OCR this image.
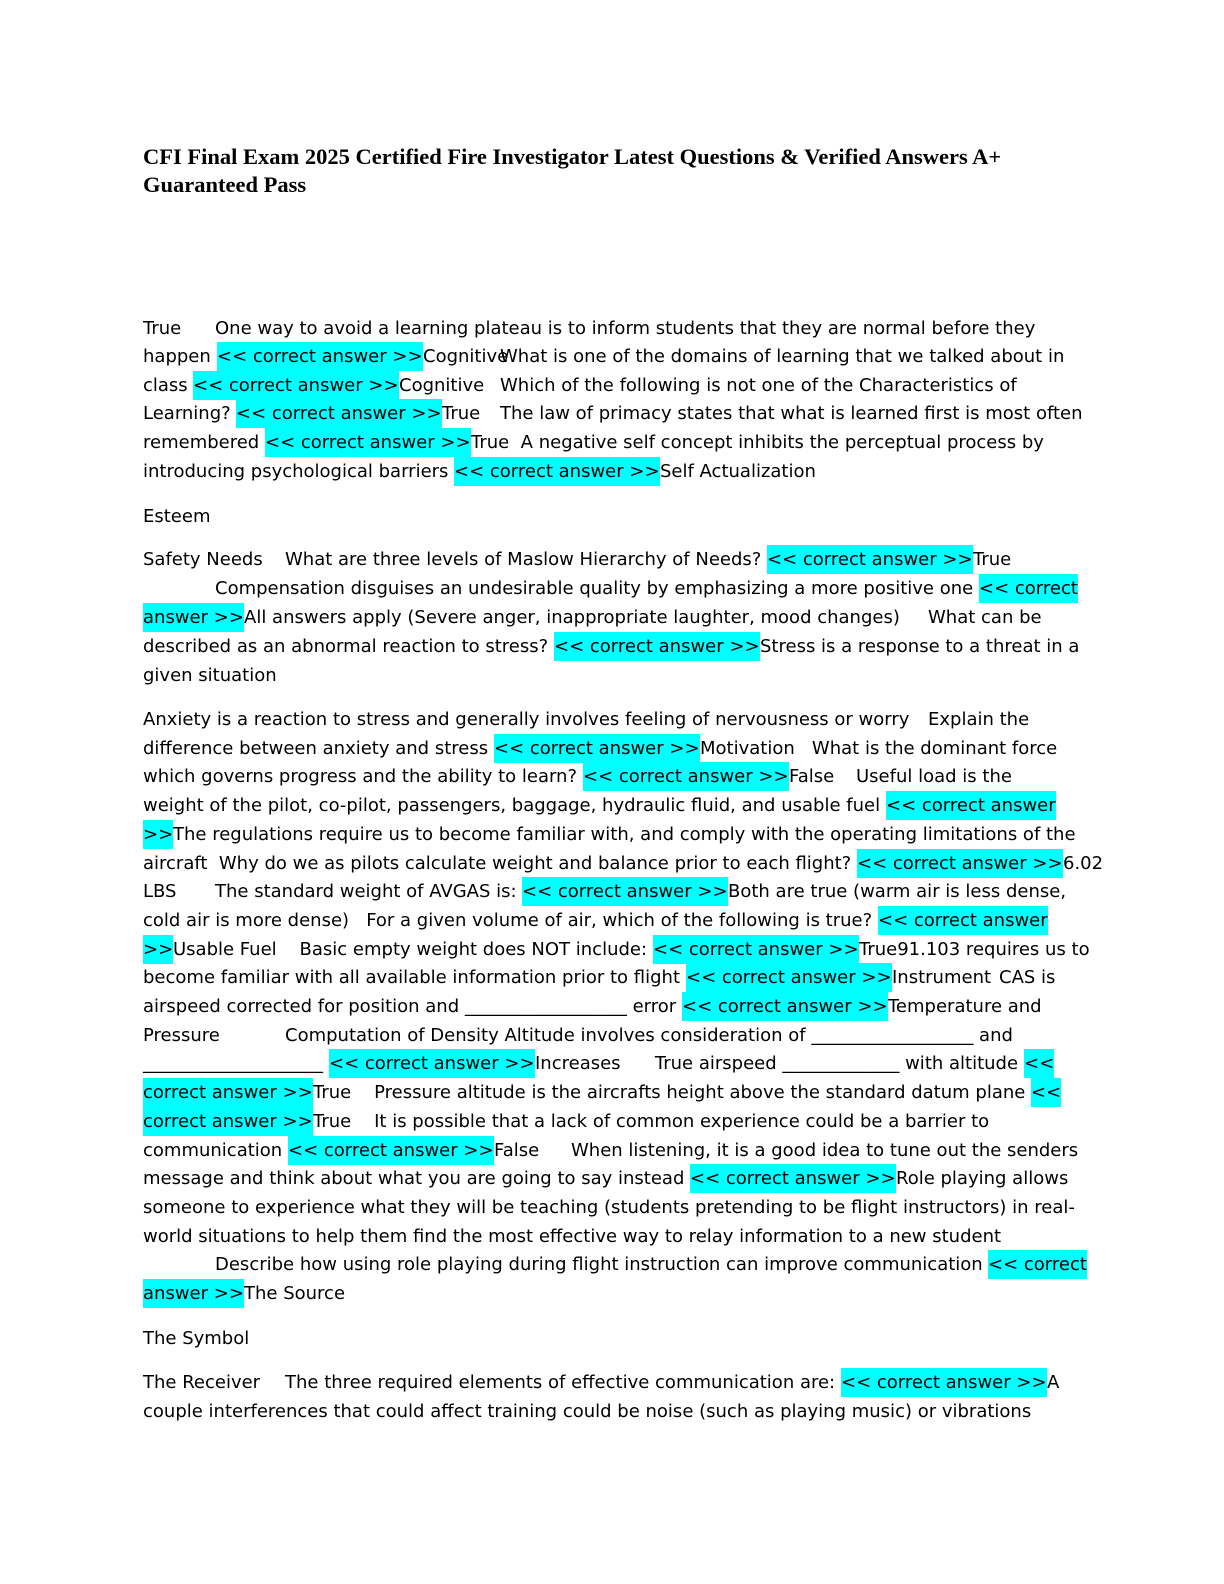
CFI Final Exam 2025 Certified Fire Investigator Latest Questions & Verified Answers A+ Guaranteed Pass
True One way to avoid a learning plateau is to inform students that they are normal before they
happen << correct answer >> Cognitive
What is one of the domains of learning that we talked about in
class << correct answer >> Cognitive Which of the following is not one of the Characteristics of
Learning? << correct answer >> True The law of primacy states that what is learned first is most often
remembered << correct answer >> True  A negative self concept inhibits the perceptual process by
introducing psychological barriers << correct answer >> Self Actualization
Esteem
Safety Needs What are three levels of Maslow Hierarchy of Needs? << correct answer >> True
Compensation disguises an undesirable quality by emphasizing a more positive one << correct
answer >> All answers apply (Severe anger, inappropriate laughter, mood changes) What can be
described as an abnormal reaction to stress? << correct answer >> Stress is a response to a threat in a
given situation
Anxiety is a reaction to stress and generally involves feeling of nervousness or worry Explain the
difference between anxiety and stress << correct answer >> Motivation   What is the dominant force
which governs progress and the ability to learn? << correct answer >> False Useful load is the
weight of the pilot, co-pilot, passengers, baggage, hydraulic fluid, and usable fuel << correct answer
>> The regulations require us to become familiar with, and comply with the operating limitations of the
aircraft  Why do we as pilots calculate weight and balance prior to each flight? << correct answer >> 6.02
LBS The standard weight of AVGAS is: << correct answer >> Both are true (warm air is less dense,
cold air is more dense)   For a given volume of air, which of the following is true? << correct answer
>> Usable Fuel    Basic empty weight does NOT include: << correct answer >> True91.103 requires us to
become familiar with all available information prior to flight << correct answer >> Instrument CAS is
airspeed corrected for position and __________________ error << correct answer >> Temperature and
Pressure	Computation of Density Altitude involves consideration of __________________ and
____________________ << correct answer >> Increases      True airspeed _____________ with altitude <<
correct answer >> True    Pressure altitude is the aircrafts height above the standard datum plane <<
correct answer >> True    It is possible that a lack of common experience could be a barrier to
communication << correct answer >> False When listening, it is a good idea to tune out the senders
message and think about what you are going to say instead << correct answer >> Role playing allows
someone to experience what they will be teaching (students pretending to be flight instructors) in real-
world situations to help them find the most effective way to relay information to a new student
Describe how using role playing during flight instruction can improve communication << correct
answer >> The Source
The Symbol
The Receiver The three required elements of effective communication are: << correct answer >> A
couple interferences that could affect training could be noise (such as playing music) or vibrations
